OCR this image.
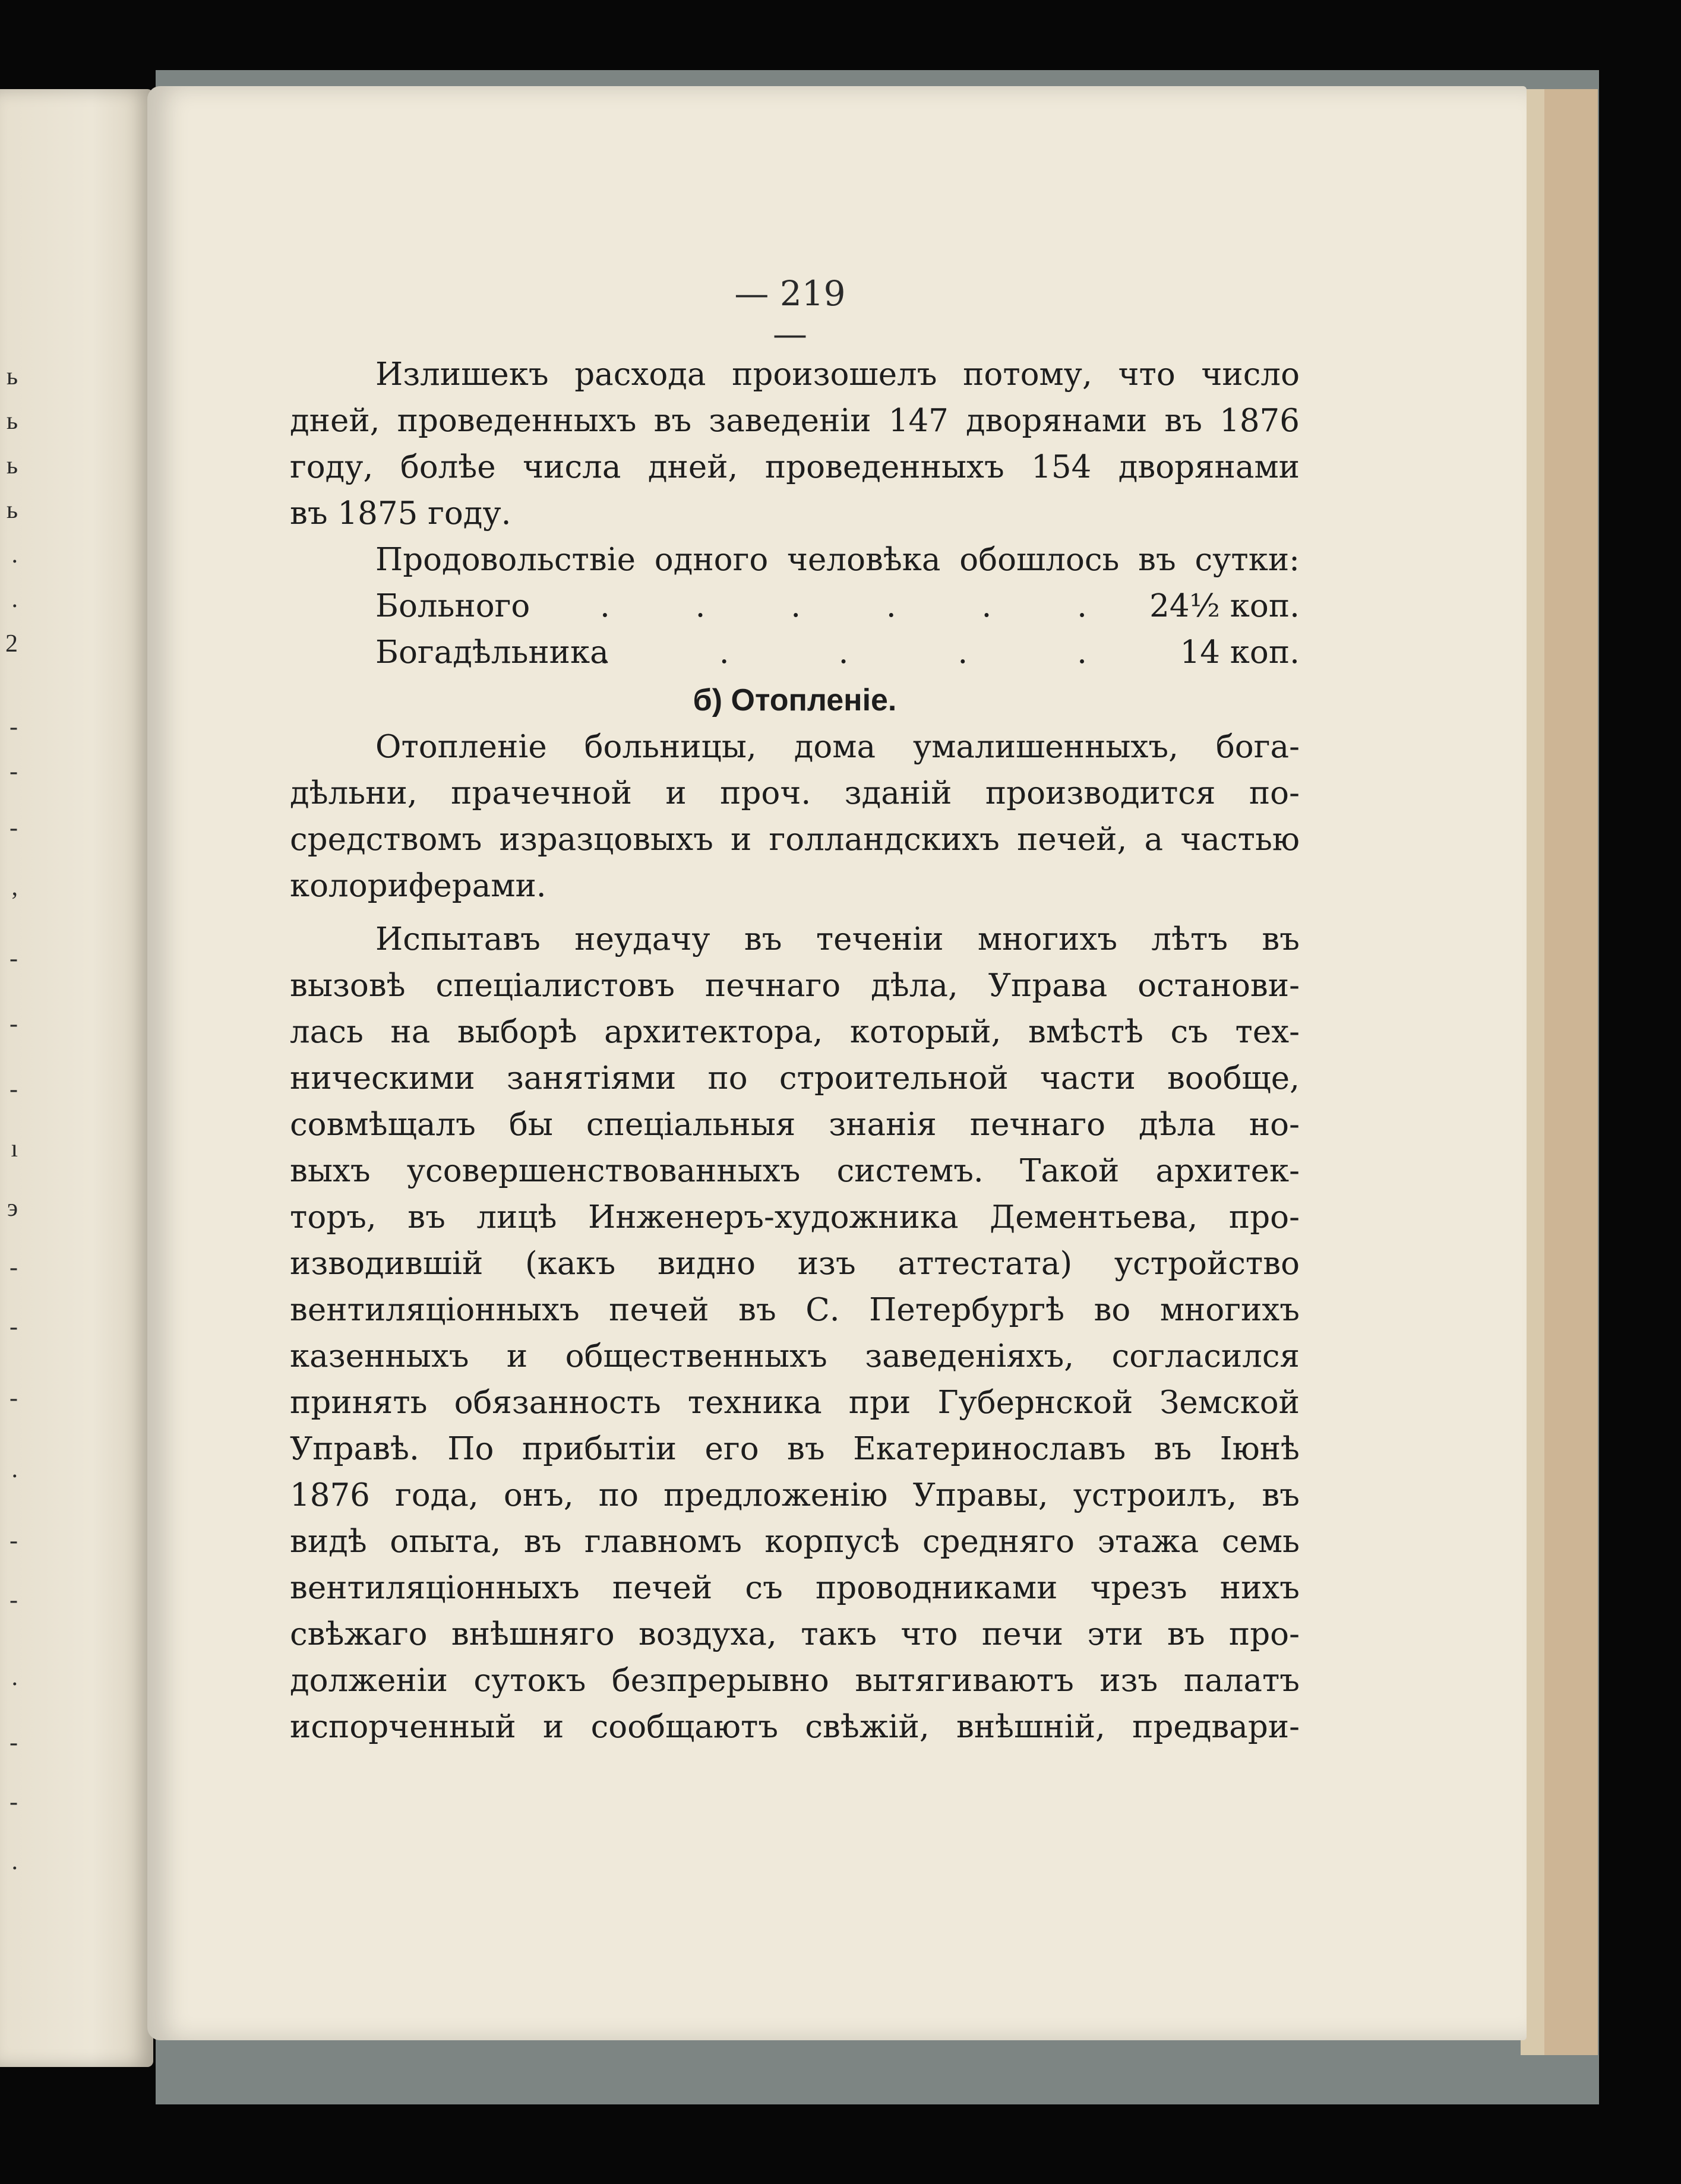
ь
ь
ь
ь
.
.
2
-
-
-
,
-
-
-
ı
э
-
-
-
.
-
-
.
-
-
.
— 219 —
Излишекъ расхода произошелъ потому, что число
дней, проведенныхъ въ заведеніи 147 дворянами въ 1876
году, болѣе числа дней, проведенныхъ 154 дворянами
въ 1875 году.
Продовольствіе одного человѣка обошлось въ сутки:
Больного . . . . . .	24½ коп.
Богадѣльника
. . . . .	14 коп.
б) Отопленіе.
Отопленіе больницы, дома умалишенныхъ, бога-
дѣльни, прачечной и проч. зданій производится по-
средствомъ изразцовыхъ и голландскихъ печей, а частью
колориферами.
Испытавъ неудачу въ теченіи многихъ лѣтъ въ
вызовѣ спеціалистовъ печнаго дѣла, Управа останови-
лась на выборѣ архитектора, который, вмѣстѣ съ тех-
ническими занятіями по строительной части вообще,
совмѣщалъ бы спеціальныя знанія печнаго дѣла но-
выхъ усовершенствованныхъ системъ. Такой архитек-
торъ, въ лицѣ Инженеръ-художника Дементьева, про-
изводившій (какъ видно изъ аттестата) устройство
вентиляціонныхъ печей въ С. Петербургѣ во многихъ
казенныхъ и общественныхъ заведеніяхъ, согласился
принять обязанность техника при Губернской Земской
Управѣ. По прибытіи его въ Екатеринославъ въ Іюнѣ
1876 года, онъ, по предложенію Управы, устроилъ, въ
видѣ опыта, въ главномъ корпусѣ средняго этажа семь
вентиляціонныхъ печей съ проводниками чрезъ нихъ
свѣжаго внѣшняго воздуха, такъ что печи эти въ про-
долженіи сутокъ безпрерывно вытягиваютъ изъ палатъ
испорченный и сообщаютъ свѣжій, внѣшній, предвари-
